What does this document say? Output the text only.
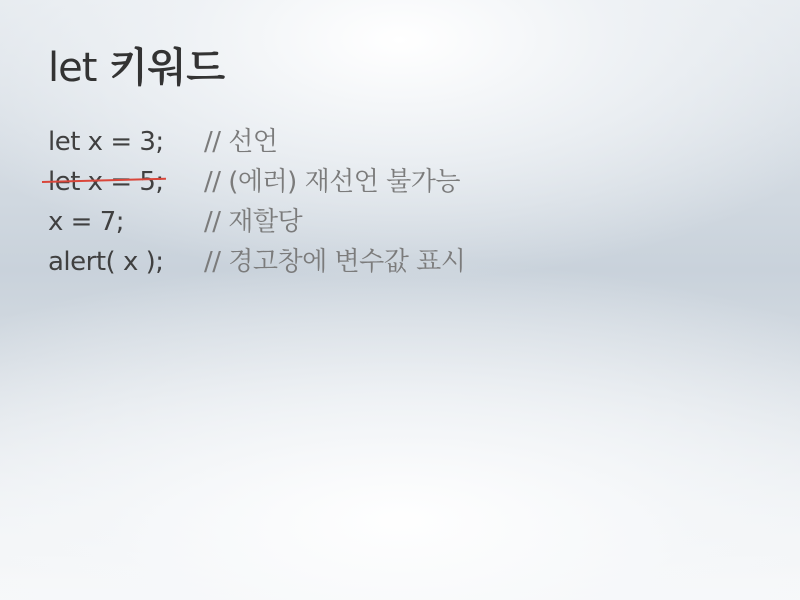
let 키워드
let x = 3; // 선언
let x = 5; // (에러) 재선언 불가능
x = 7;	// 재할당
alert( x ); // 경고창에 변수값 표시
